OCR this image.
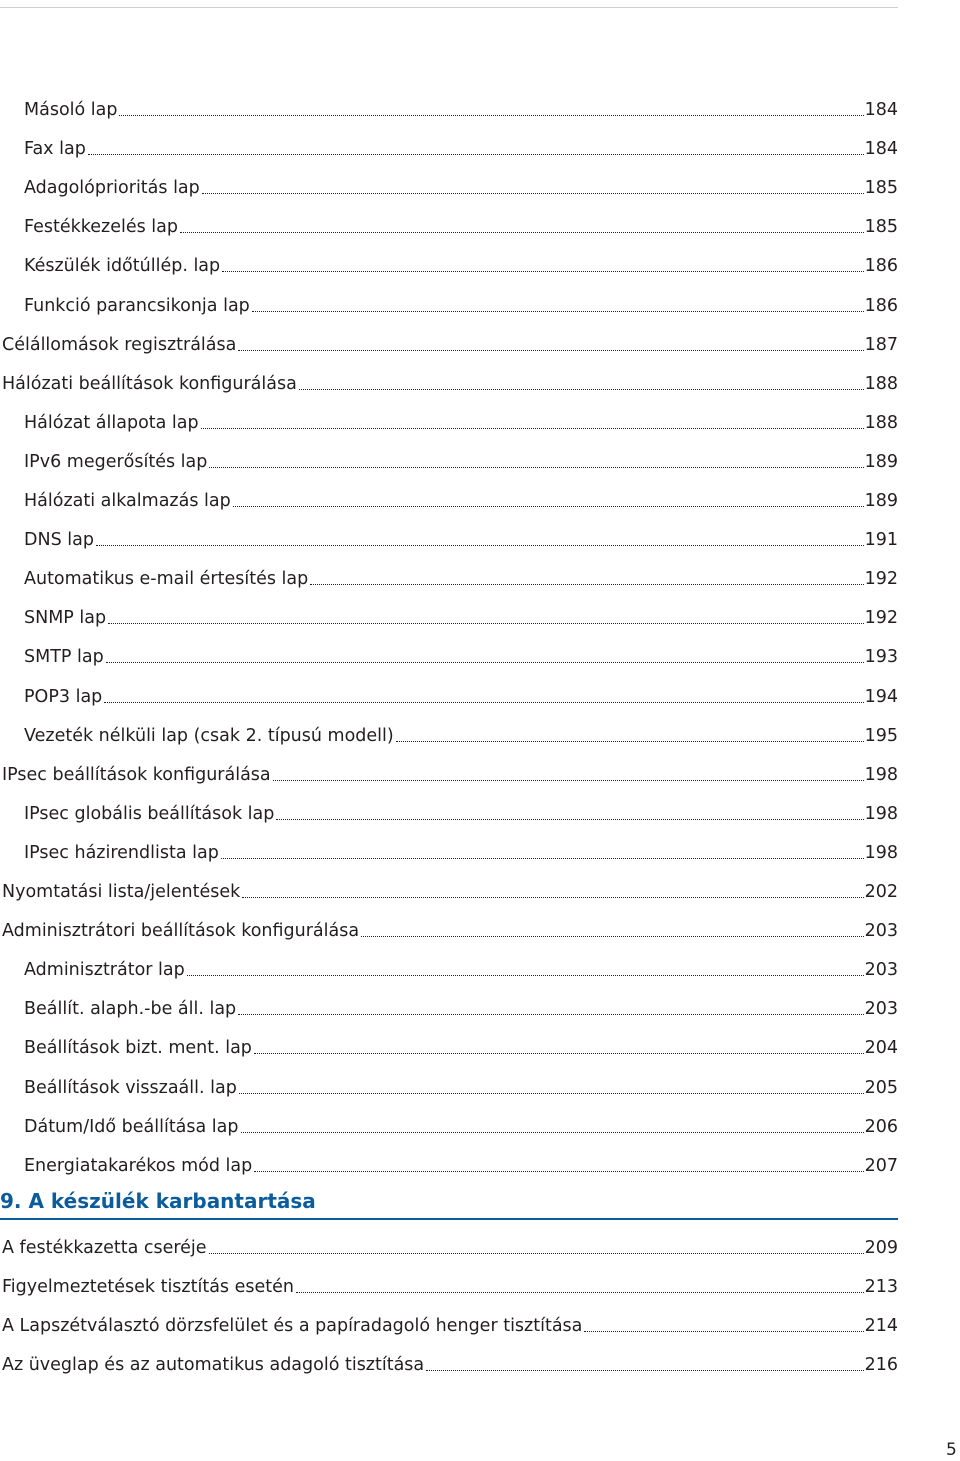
Másoló lap	184
Fax lap	184
Adagolóprioritás lap	185
Festékkezelés lap	185
Készülék időtúllép. lap	186
Funkció parancsikonja lap	186
Célállomások regisztrálása	187
Hálózati beállítások konfigurálása	188
Hálózat állapota lap	188
IPv6 megerősítés lap	189
Hálózati alkalmazás lap	189
DNS lap	191
Automatikus e-mail értesítés lap	192
SNMP lap	192
SMTP lap	193
POP3 lap	194
Vezeték nélküli lap (csak 2. típusú modell)	195
IPsec beállítások konfigurálása	198
IPsec globális beállítások lap	198
IPsec házirendlista lap	198
Nyomtatási lista/jelentések	202
Adminisztrátori beállítások konfigurálása	203
Adminisztrátor lap	203
Beállít. alaph.-be áll. lap	203
Beállítások bizt. ment. lap	204
Beállítások visszaáll. lap	205
Dátum/Idő beállítása lap	206
Energiatakarékos mód lap	207
9. A készülék karbantartása
A festékkazetta cseréje	209
Figyelmeztetések tisztítás esetén	213
A Lapszétválasztó dörzsfelület és a papíradagoló henger tisztítása	214
Az üveglap és az automatikus adagoló tisztítása	216
5
